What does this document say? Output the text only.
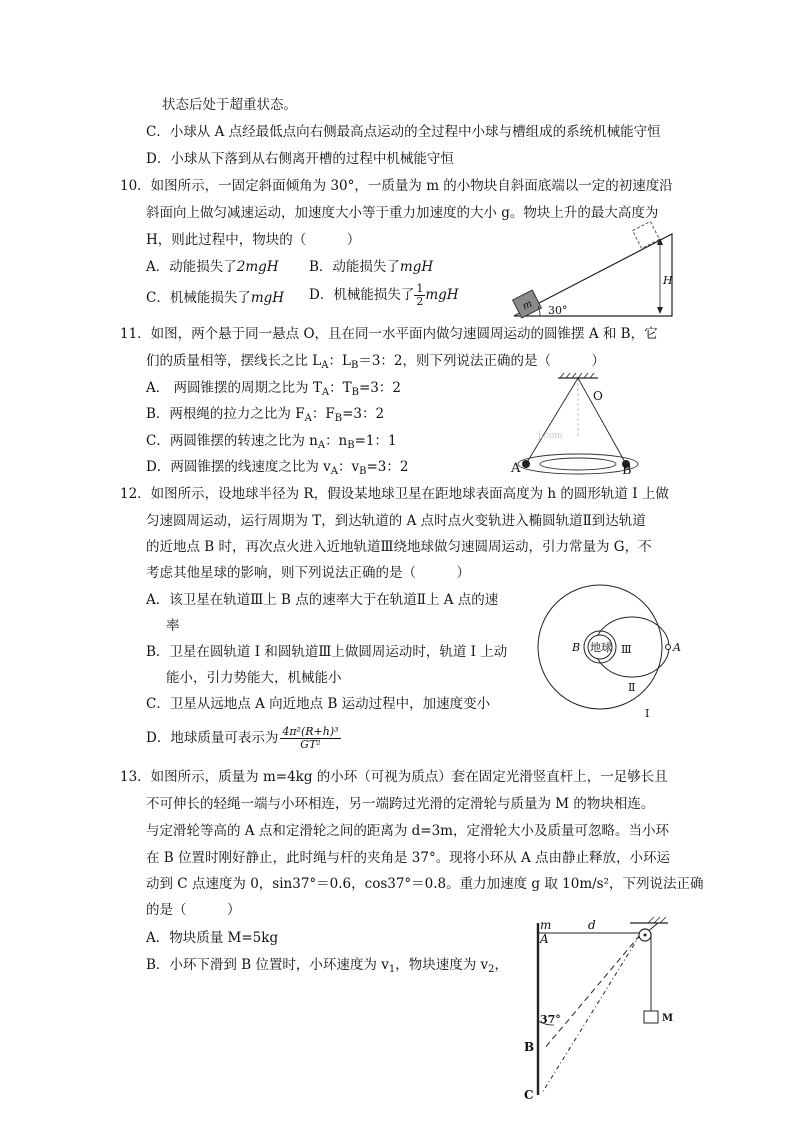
状态后处于超重状态。
C．小球从 A 点经最低点向右侧最高点运动的全过程中小球与槽组成的系统机械能守恒
D．小球从下落到从右侧离开槽的过程中机械能守恒
10．如图所示，一固定斜面倾角为 30°，一质量为 m 的小物块自斜面底端以一定的初速度沿
斜面向上做匀减速运动，加速度大小等于重力加速度的大小 g。物块上升的最大高度为
H，则此过程中，物块的（　　　）
A．动能损失了2mgH B．动能损失了mgH
C．机械能损失了mgH D．机械能损失了 $\frac{1}{2}$ mgH
11．如图，两个悬于同一悬点 O，且在同一水平面内做匀速圆周运动的圆锥摆 A 和 B，它
们的质量相等，摆线长之比 $L_A$：$L_B=3$：2，则下列说法正确的是（　　　）
A． 两圆锥摆的周期之比为 $T_A$：$T_B=3$：2
B．两根绳的拉力之比为 $F_A$：$F_B=3$：2
C．两圆锥摆的转速之比为 $n_A$：$n_B=1$：1
D．两圆锥摆的线速度之比为 $v_A$：$v_B=3$：2
12．如图所示，设地球半径为 R，假设某地球卫星在距地球表面高度为 h 的圆形轨道 I 上做
匀速圆周运动，运行周期为 T，到达轨道的 A 点时点火变轨进入椭圆轨道Ⅱ到达轨道
的近地点 B 时，再次点火进入近地轨道Ⅲ绕地球做匀速圆周运动，引力常量为 G，不
考虑其他星球的影响，则下列说法正确的是（　　　）
A．该卫星在轨道Ⅲ上 B 点的速率大于在轨道Ⅱ上 A 点的速
率
B．卫星在圆轨道 I 和圆轨道Ⅲ上做圆周运动时，轨道 I 上动
能小，引力势能大，机械能小
C．卫星从远地点 A 向近地点 B 运动过程中，加速度变小
D．地球质量可表示为 $\frac{\text{4π²(R+h)³}}{\text{GT²}}$
13．如图所示，质量为 m=4kg 的小环（可视为质点）套在固定光滑竖直杆上，一足够长且
不可伸长的轻绳一端与小环相连，另一端跨过光滑的定滑轮与质量为 M 的物块相连。
与定滑轮等高的 A 点和定滑轮之间的距离为 d=3m，定滑轮大小及质量可忽略。当小环
在 B 位置时刚好静止，此时绳与杆的夹角是 37°。现将小环从 A 点由静止释放，小环运
动到 C 点速度为 0，sin37°＝0.6，cos37°＝0.8。重力加速度 g 取 10m/s²，下列说法正确
的是（　　　）
A．物块质量 M=5kg
B．小环下滑到 B 位置时，小环速度为 $v_1$，物块速度为 $v_2$，
m 30°
H
O
j.com
A	B
地球
B	Ⅲ	A
Ⅱ
Ⅰ
m
A
d
37°
B
C
M
